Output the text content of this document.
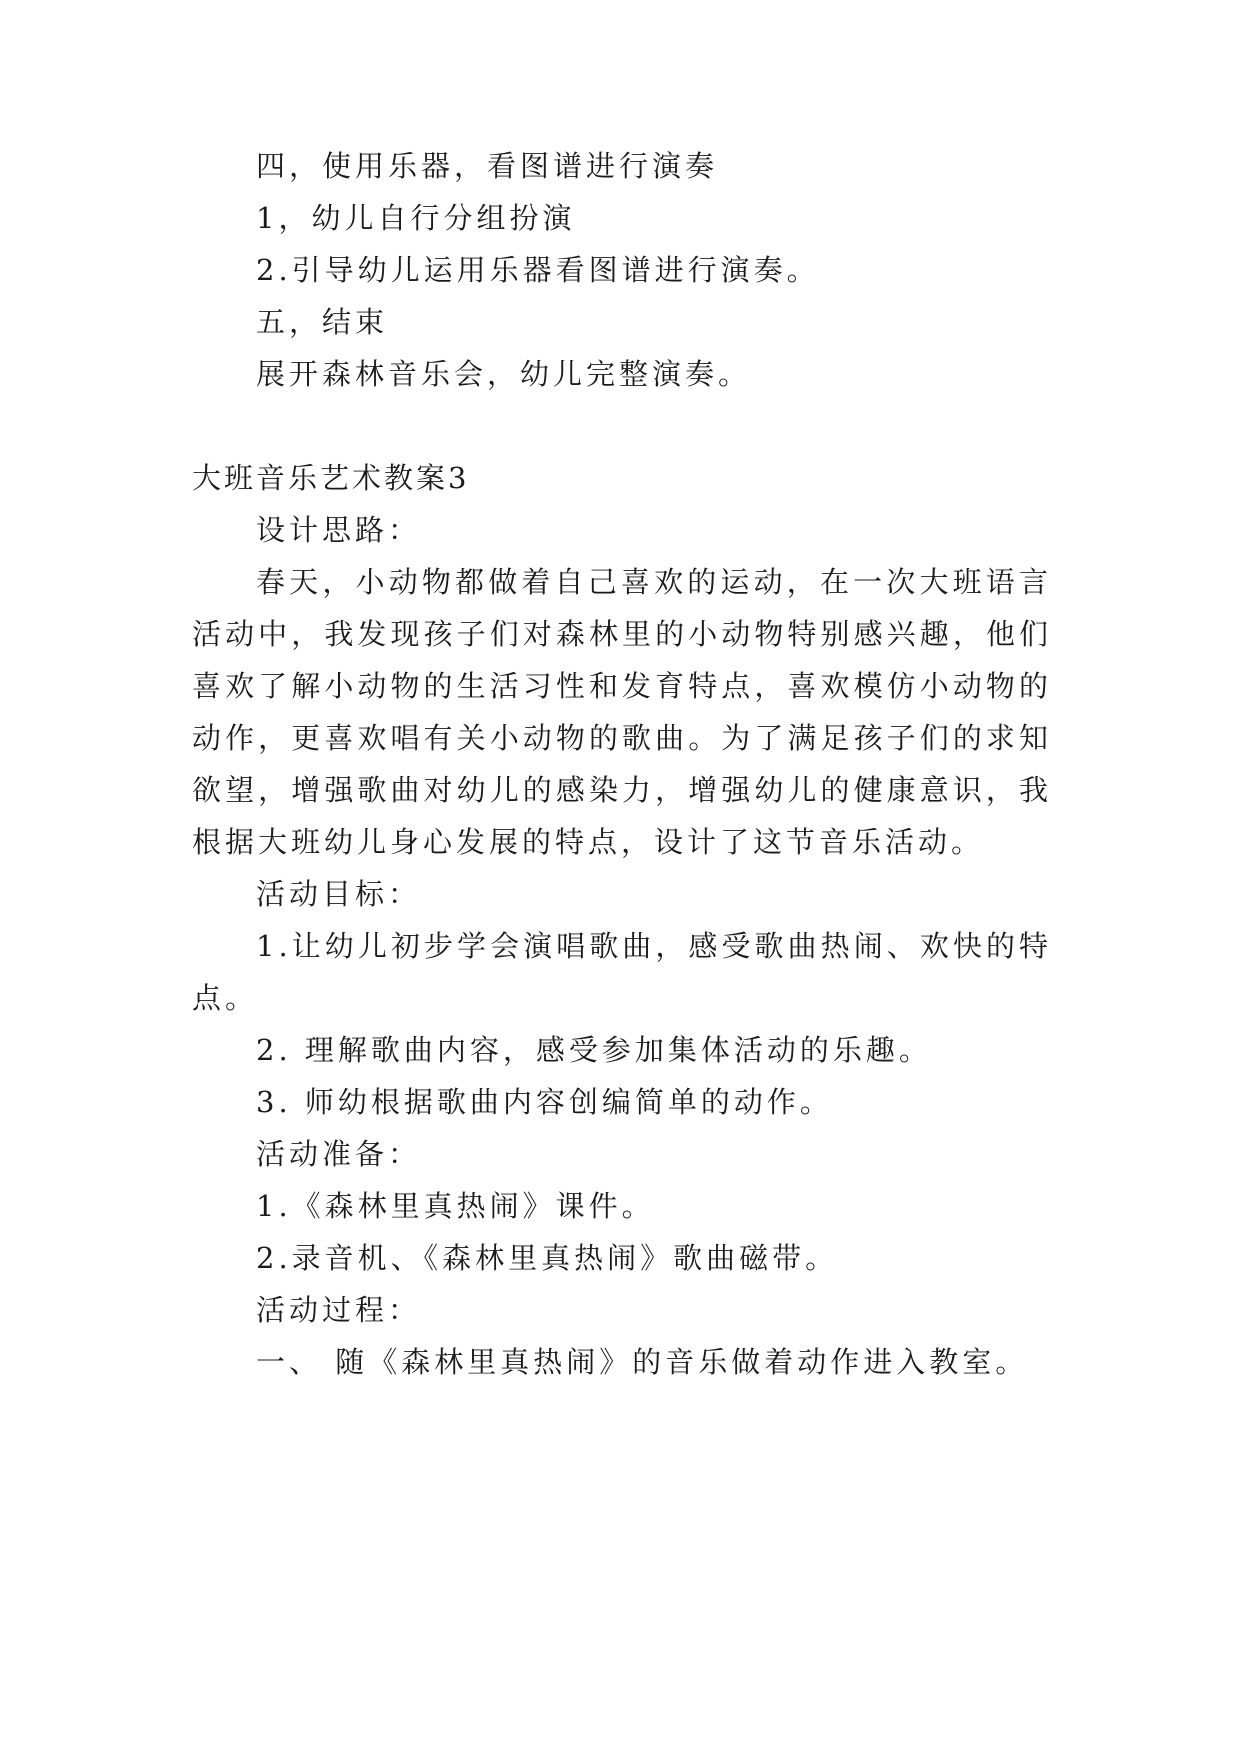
四，使用乐器，看图谱进行演奏
1，幼儿自行分组扮演
2.引导幼儿运用乐器看图谱进行演奏。
五，结束
展开森林音乐会，幼儿完整演奏。
大班音乐艺术教案3
设计思路：
春天，小动物都做着自己喜欢的运动，在一次大班语言
活动中，我发现孩子们对森林里的小动物特别感兴趣，他们
喜欢了解小动物的生活习性和发育特点，喜欢模仿小动物的
动作，更喜欢唱有关小动物的歌曲。为了满足孩子们的求知
欲望，增强歌曲对幼儿的感染力，增强幼儿的健康意识，我
根据大班幼儿身心发展的特点，设计了这节音乐活动。
活动目标：
1.让幼儿初步学会演唱歌曲，感受歌曲热闹、欢快的特
点。
2. 理解歌曲内容，感受参加集体活动的乐趣。
3. 师幼根据歌曲内容创编简单的动作。
活动准备：
1.《森林里真热闹》课件。
2.录音机、《森林里真热闹》歌曲磁带。
活动过程：
一、 随《森林里真热闹》的音乐做着动作进入教室。
